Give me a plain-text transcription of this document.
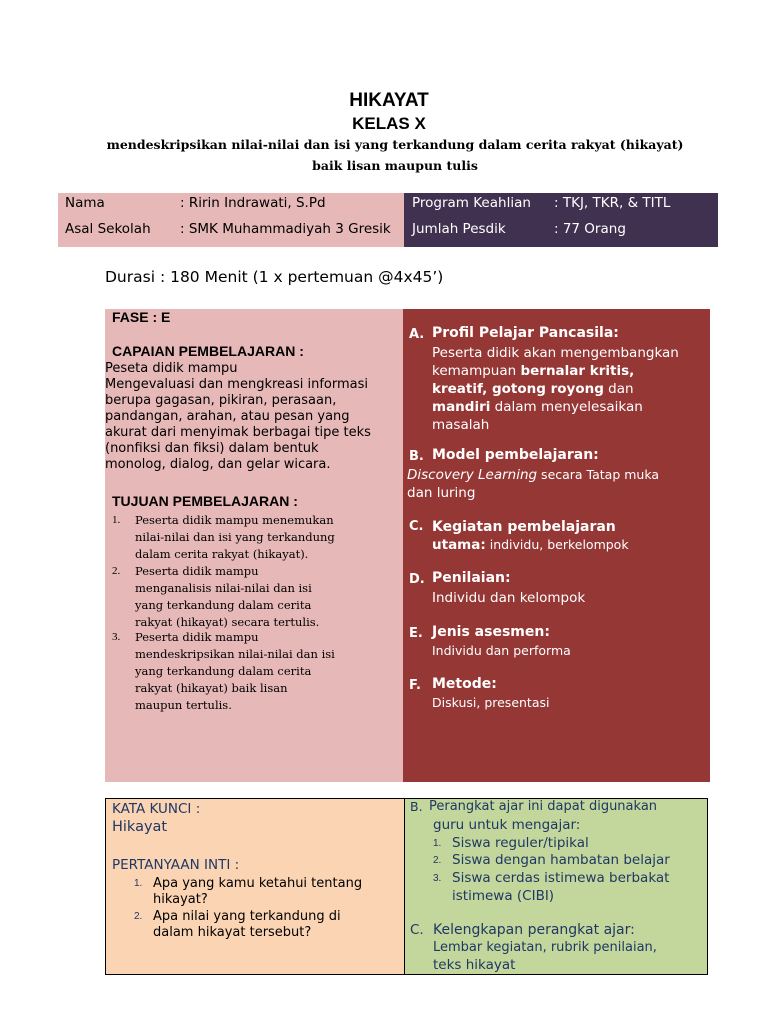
HIKAYAT
KELAS X
mendeskripsikan nilai-nilai dan isi yang terkandung dalam cerita rakyat (hikayat)
baik lisan maupun tulis
Nama	: Ririn Indrawati, S.Pd
Asal Sekolah : SMK Muhammadiyah 3 Gresik
Program Keahlian : TKJ, TKR, & TITL
Jumlah Pesdik	: 77 Orang
Durasi : 180 Menit (1 x pertemuan @4x45’)
FASE : E
CAPAIAN PEMBELAJARAN :
Peseta didik mampu
Mengevaluasi dan mengkreasi informasi
berupa gagasan, pikiran, perasaan,
pandangan, arahan, atau pesan yang
akurat dari menyimak berbagai tipe teks
(nonfiksi dan fiksi) dalam bentuk
monolog, dialog, dan gelar wicara.
TUJUAN PEMBELAJARAN :
1. Peserta didik mampu menemukan
nilai-nilai dan isi yang terkandung
dalam cerita rakyat (hikayat).
2. Peserta didik mampu
menganalisis nilai-nilai dan isi
yang terkandung dalam cerita
rakyat (hikayat) secara tertulis.
3. Peserta didik mampu
mendeskripsikan nilai-nilai dan isi
yang terkandung dalam cerita
rakyat (hikayat) baik lisan
maupun tertulis.
A. Profil Pelajar Pancasila:
Peserta didik akan mengembangkan
kemampuan bernalar kritis,
kreatif, gotong royong dan
mandiri dalam menyelesaikan
masalah
B. Model pembelajaran:
Discovery Learning secara Tatap muka
dan luring
C. Kegiatan pembelajaran
utama: individu, berkelompok
D. Penilaian:
Individu dan kelompok
E. Jenis asesmen:
Individu dan performa
F. Metode:
Diskusi, presentasi
KATA KUNCI :
Hikayat
PERTANYAAN INTI :
1. Apa yang kamu ketahui tentang
hikayat?
2. Apa nilai yang terkandung di
dalam hikayat tersebut?
B. Perangkat ajar ini dapat digunakan
guru untuk mengajar:
1. Siswa reguler/tipikal
2. Siswa dengan hambatan belajar
3. Siswa cerdas istimewa berbakat
istimewa (CIBI)
C. Kelengkapan perangkat ajar:
Lembar kegiatan, rubrik penilaian,
teks hikayat
